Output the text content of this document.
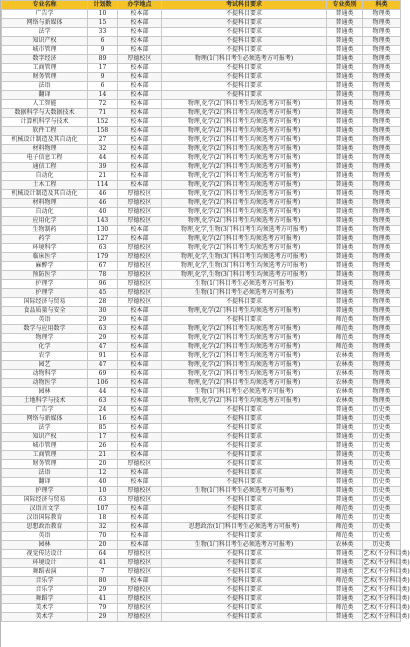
专业名称	计划数	办学地点	考试科目要求	专业类别	科类
广告学	10	校本部	不提科目要求	普通类	物理类
网络与新媒体	15	校本部	不提科目要求	普通类	物理类
法学	33	校本部	不提科目要求	普通类	物理类
知识产权	6	校本部	不提科目要求	普通类	物理类
城市管理	9	校本部	不提科目要求	普通类	物理类
数字经济	89	厚德校区	物理(1门科目考生必须选考方可报考)	普通类	物理类
工商管理	17	校本部	不提科目要求	普通类	物理类
财务管理	9	校本部	不提科目要求	普通类	物理类
法语	6	校本部	不提科目要求	普通类	物理类
翻译	14	校本部	不提科目要求	普通类	物理类
人工智能	72	校本部	物理,化学(2门科目考生均须选考方可报考)	普通类	物理类
数据科学与大数据技术	71	校本部	物理,化学(2门科目考生均须选考方可报考)	普通类	物理类
计算机科学与技术	152	校本部	物理,化学(2门科目考生均须选考方可报考)	普通类	物理类
软件工程	158	校本部	物理,化学(2门科目考生均须选考方可报考)	普通类	物理类
机械设计制造及其自动化	27	校本部	物理,化学(2门科目考生均须选考方可报考)	普通类	物理类
材料物理	32	校本部	物理,化学(2门科目考生均须选考方可报考)	普通类	物理类
电子信息工程	44	校本部	物理,化学(2门科目考生均须选考方可报考)	普通类	物理类
通信工程	39	校本部	物理,化学(2门科目考生均须选考方可报考)	普通类	物理类
自动化	21	校本部	物理,化学(2门科目考生均须选考方可报考)	普通类	物理类
土木工程	114	校本部	物理,化学(2门科目考生均须选考方可报考)	普通类	物理类
机械设计制造及其自动化	46	厚德校区	物理,化学(2门科目考生均须选考方可报考)	普通类	物理类
材料物理	46	厚德校区	物理,化学(2门科目考生均须选考方可报考)	普通类	物理类
自动化	40	厚德校区	物理,化学(2门科目考生均须选考方可报考)	普通类	物理类
应用化学	143	厚德校区	物理,化学(2门科目考生均须选考方可报考)	普通类	物理类
生物制药	130	校本部	物理,化学,生物(3门科目考生均须选考方可报考)	普通类	物理类
药学	127	校本部	物理,化学(2门科目考生均须选考方可报考)	普通类	物理类
环境科学	63	厚德校区	物理,化学(2门科目考生均须选考方可报考)	普通类	物理类
临床医学	179	厚德校区	物理,化学,生物(3门科目考生均须选考方可报考)	普通类	物理类
麻醉学	67	厚德校区	物理,化学,生物(3门科目考生均须选考方可报考)	普通类	物理类
预防医学	78	厚德校区	物理,化学,生物(3门科目考生均须选考方可报考)	普通类	物理类
护理学	96	厚德校区	生物(1门科目考生必须选考方可报考)	普通类	物理类
护理学	45	厚德校区	生物(1门科目考生必须选考方可报考)	普通类	物理类
国际经济与贸易	28	厚德校区	不提科目要求	普通类	物理类
食品质量与安全	30	校本部	物理,化学(2门科目考生均须选考方可报考)	普通类	物理类
英语	29	校本部	不提科目要求	师范类	物理类
数学与应用数学	63	校本部	物理,化学(2门科目考生均须选考方可报考)	师范类	物理类
物理学	29	校本部	物理,化学(2门科目考生均须选考方可报考)	师范类	物理类
化学	47	校本部	物理,化学(2门科目考生均须选考方可报考)	师范类	物理类
农学	91	校本部	物理,化学(2门科目考生均须选考方可报考)	农林类	物理类
园艺	47	校本部	物理,化学(2门科目考生均须选考方可报考)	农林类	物理类
动物科学	69	校本部	物理,化学(2门科目考生均须选考方可报考)	农林类	物理类
动物医学	106	校本部	物理,化学(2门科目考生均须选考方可报考)	农林类	物理类
园林	44	校本部	生物(1门科目考生必须选考方可报考)	农林类	物理类
土地科学与技术	63	校本部	物理,化学(2门科目考生均须选考方可报考)	农林类	物理类
广告学	24	校本部	不提科目要求	普通类	历史类
网络与新媒体	16	校本部	不提科目要求	普通类	历史类
法学	85	校本部	不提科目要求	普通类	历史类
知识产权	17	校本部	不提科目要求	普通类	历史类
城市管理	26	校本部	不提科目要求	普通类	历史类
工商管理	21	校本部	不提科目要求	普通类	历史类
财务管理	20	厚德校区	不提科目要求	普通类	历史类
法语	12	校本部	不提科目要求	普通类	历史类
翻译	40	校本部	不提科目要求	普通类	历史类
护理学	10	厚德校区	生物(1门科目考生必须选考方可报考)	普通类	历史类
国际经济与贸易	63	厚德校区	不提科目要求	普通类	历史类
汉语言文学	107	校本部	不提科目要求	师范类	历史类
汉语国际教育	18	校本部	不提科目要求	师范类	历史类
思想政治教育	32	校本部	思想政治(1门科目考生必须选考方可报考)	师范类	历史类
英语	70	校本部	不提科目要求	师范类	历史类
园林	20	校本部	生物(1门科目考生必须选考方可报考)	农林类	历史类
视觉传达设计	64	厚德校区	不提科目要求	普通类	艺术(不分科目类)
环境设计	41	厚德校区	不提科目要求	普通类	艺术(不分科目类)
舞蹈表演	7	厚德校区	不提科目要求	普通类	艺术(不分科目类)
音乐学	80	校本部	不提科目要求	师范类	艺术(不分科目类)
音乐学	29	厚德校区	不提科目要求	普通类	艺术(不分科目类)
舞蹈学	41	厚德校区	不提科目要求	普通类	艺术(不分科目类)
美术学	79	厚德校区	不提科目要求	师范类	艺术(不分科目类)
美术学	29	厚德校区	不提科目要求	普通类	艺术(不分科目类)
